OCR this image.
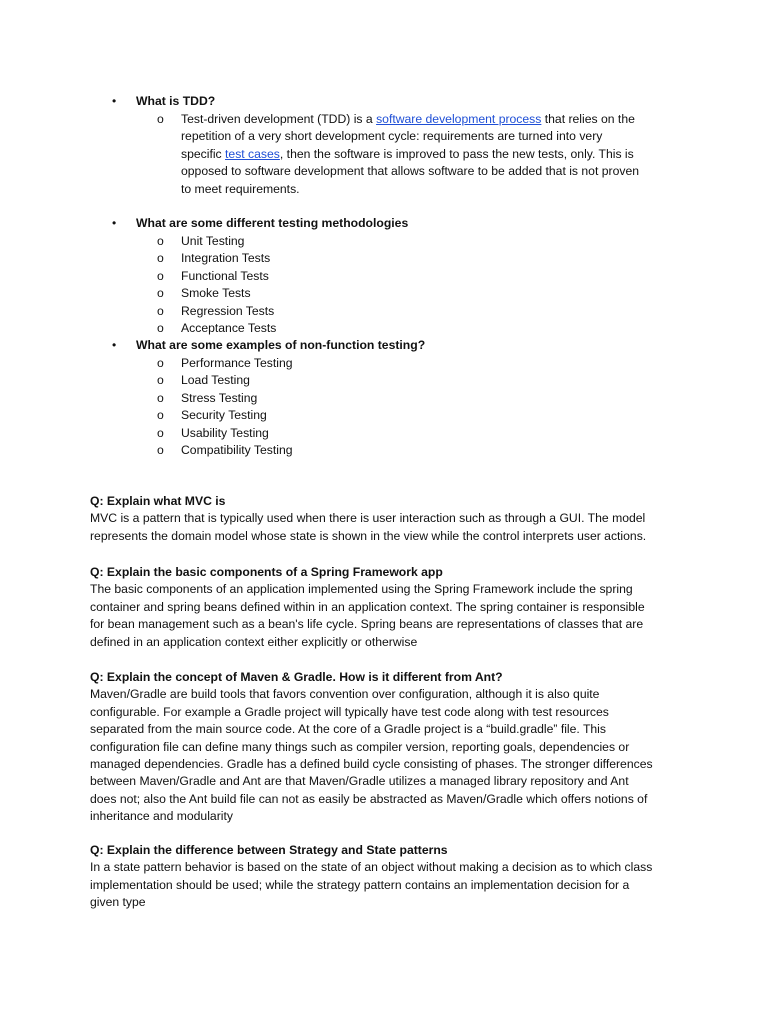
• What is TDD?
o Test-driven development (TDD) is a software development process that relies on the
repetition of a very short development cycle: requirements are turned into very
specific test cases, then the software is improved to pass the new tests, only. This is
opposed to software development that allows software to be added that is not proven
to meet requirements.
• What are some different testing methodologies
o Unit Testing
o Integration Tests
o Functional Tests
o Smoke Tests
o Regression Tests
o Acceptance Tests
• What are some examples of non-function testing?
o Performance Testing
o Load Testing
o Stress Testing
o Security Testing
o Usability Testing
o Compatibility Testing
Q: Explain what MVC is
MVC is a pattern that is typically used when there is user interaction such as through a GUI. The model
represents the domain model whose state is shown in the view while the control interprets user actions.
Q: Explain the basic components of a Spring Framework app
The basic components of an application implemented using the Spring Framework include the spring
container and spring beans defined within in an application context. The spring container is responsible
for bean management such as a bean's life cycle. Spring beans are representations of classes that are
defined in an application context either explicitly or otherwise
Q: Explain the concept of Maven & Gradle. How is it different from Ant?
Maven/Gradle are build tools that favors convention over configuration, although it is also quite
configurable. For example a Gradle project will typically have test code along with test resources
separated from the main source code. At the core of a Gradle project is a “build.gradle” file. This
configuration file can define many things such as compiler version, reporting goals, dependencies or
managed dependencies. Gradle has a defined build cycle consisting of phases. The stronger differences
between Maven/Gradle and Ant are that Maven/Gradle utilizes a managed library repository and Ant
does not; also the Ant build file can not as easily be abstracted as Maven/Gradle which offers notions of
inheritance and modularity
Q: Explain the difference between Strategy and State patterns
In a state pattern behavior is based on the state of an object without making a decision as to which class
implementation should be used; while the strategy pattern contains an implementation decision for a
given type
